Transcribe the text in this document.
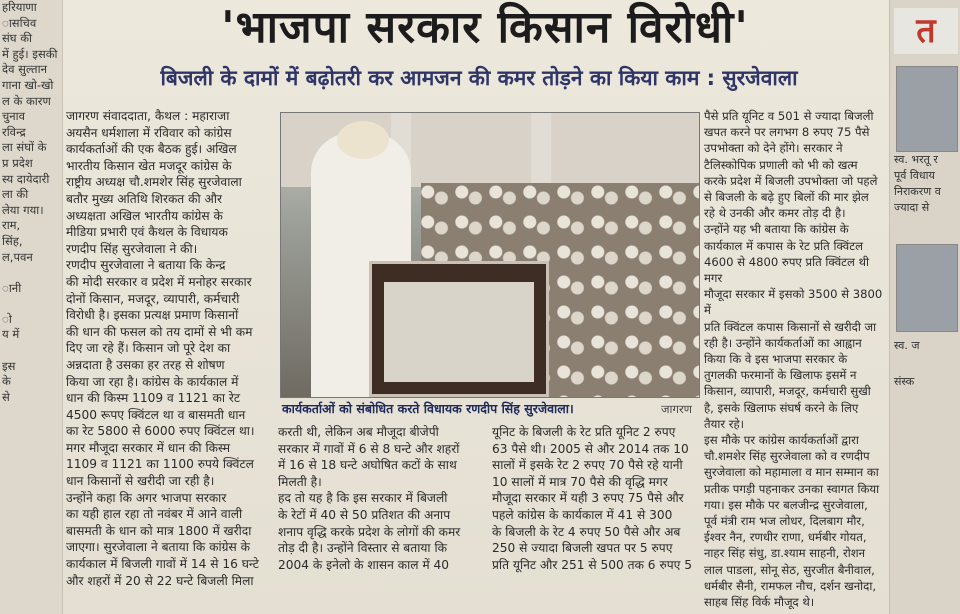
हरियाणा
ासचिव
संघ की
में हुई। इसकी
देव सुल्तान
गाना खो-खो
ल के कारण
चुनाव
रविन्द्र
ला संघों के
प्र प्रदेश
स्य दायेदारी
ला की
लेया गया।
राम,
सिंह,
ल,पवन

ानी

ो
य में

इस
के
से
'भाजपा सरकार किसान विरोधी'
बिजली के दामों में बढ़ोतरी कर आमजन की कमर तोड़ने का किया काम : सुरजेवाला

जागरण संवाददाता, कैथल : महाराजा

अयसैन धर्मशाला में रविवार को कांग्रेस

कार्यकर्ताओं की एक बैठक हुई। अखिल

भारतीय किसान खेत मजदूर कांग्रेस के

राष्ट्रीय अध्यक्ष चौ.शमशेर सिंह सुरजेवाला

बतौर मुख्य अतिथि शिरकत की और

अध्यक्षता अखिल भारतीय कांग्रेस के

मीडिया प्रभारी एवं कैथल के विधायक

रणदीप सिंह सुरजेवाला ने की।

रणदीप सुरजेवाला ने बताया कि केन्द्र

की मोदी सरकार व प्रदेश में मनोहर सरकार

दोनों किसान, मजदूर, व्यापारी, कर्मचारी

विरोधी है। इसका प्रत्यक्ष प्रमाण किसानों

की धान की फसल को तय दामों से भी कम

दिए जा रहे हैं। किसान जो पूरे देश का

अन्नदाता है उसका हर तरह से शोषण

किया जा रहा है। कांग्रेस के कार्यकाल में

धान की किस्म 1109 व 1121 का रेट

4500 रूपए क्विंटल था व बासमती धान

का रेट 5800 से 6000 रुपए क्विंटल था।

मगर मौजूदा सरकार में धान की किस्म

1109 व 1121 का 1100 रुपये क्विंटल

धान किसानों से खरीदी जा रही है।

उन्होंने कहा कि अगर भाजपा सरकार

का यही हाल रहा तो नवंबर में आने वाली

बासमती के धान को मात्र 1800 में खरीदा

जाएगा। सुरजेवाला ने बताया कि कांग्रेस के

कार्यकाल में बिजली गावों में 14 से 16 घन्टे

और शहरों में 20 से 22 घन्टे बिजली मिला

कार्यकर्ताओं को संबोधित करते विधायक रणदीप सिंह सुरजेवाला।	जागरण

करती थी, लेकिन अब मौजूदा बीजेपी

सरकार में गावों में 6 से 8 घन्टे और शहरों

में 16 से 18 घन्टे अघोषित कटों के साथ

मिलती है।

हद तो यह है कि इस सरकार में बिजली

के रेटों में 40 से 50 प्रतिशत की अनाप

शनाप वृद्धि करके प्रदेश के लोगों की कमर

तोड़ दी है। उन्होंने विस्तार से बताया कि

2004 के इनेलो के शासन काल में 40

यूनिट के बिजली के रेट प्रति यूनिट 2 रुपए

63 पैसे थी। 2005 से और 2014 तक 10

सालों में इसके रेट 2 रुपए 70 पैसे रहे यानी

10 सालों में मात्र 70 पैसे की वृद्धि मगर

मौजूदा सरकार में यही 3 रुपए 75 पैसे और

पहले कांग्रेस के कार्यकाल में 41 से 300

के बिजली के रेट 4 रुपए 50 पैसे और अब

250 से ज्यादा बिजली खपत पर 5 रुपए

प्रति यूनिट और 251 से 500 तक 6 रुपए 5

पैसे प्रति यूनिट व 501 से ज्यादा बिजली

खपत करने पर लगभग 8 रुपए 75 पैसे

उपभोक्ता को देने होंगे। सरकार ने

टैलिस्कोपिक प्रणाली को भी को खत्म

करके प्रदेश में बिजली उपभोक्ता जो पहले

से बिजली के बढ़े हुए बिलों की मार झेल

रहे थे उनकी और कमर तोड़ दी है।

उन्होंने यह भी बताया कि कांग्रेस के

कार्यकाल में कपास के रेट प्रति क्विंटल

4600 से 4800 रुपए प्रति क्विंटल थी मगर

मौजूदा सरकार में इसको 3500 से 3800 में

प्रति क्विंटल कपास किसानों से खरीदी जा

रही है। उन्होंने कार्यकर्ताओं का आह्वान

किया कि वे इस भाजपा सरकार के

तुगलकी फरमानों के खिलाफ इसमें न

किसान, व्यापारी, मजदूर, कर्मचारी सुखी

है, इसके खिलाफ संघर्ष करने के लिए

तैयार रहे।

इस मौके पर कांग्रेस कार्यकर्ताओं द्वारा

चौ.शमशेर सिंह सुरजेवाला को व रणदीप

सुरजेवाला को महामाला व मान सम्मान का

प्रतीक पगड़ी पहनाकर उनका स्वागत किया

गया। इस मौके पर बलजीन्द्र सुरजेवाला,

पूर्व मंत्री राम भज लोधर, दिलबाग मौर,

ईश्वर नैन, रणधीर राणा, धर्मबीर गोयत,

नाहर सिंह संधु, डा.श्याम साहनी, रोशन

लाल पाडला, सोनू सेठ, सुरजीत बैनीवाल,

धर्मबीर सैनी, रामफल नौच, दर्शन खनोदा,

साहब सिंह विर्क मौजूद थे।

त
स्व. भरतू र
पूर्व विधाय
निराकरण व
ज्यादा से
स्व. ज
संस्क
